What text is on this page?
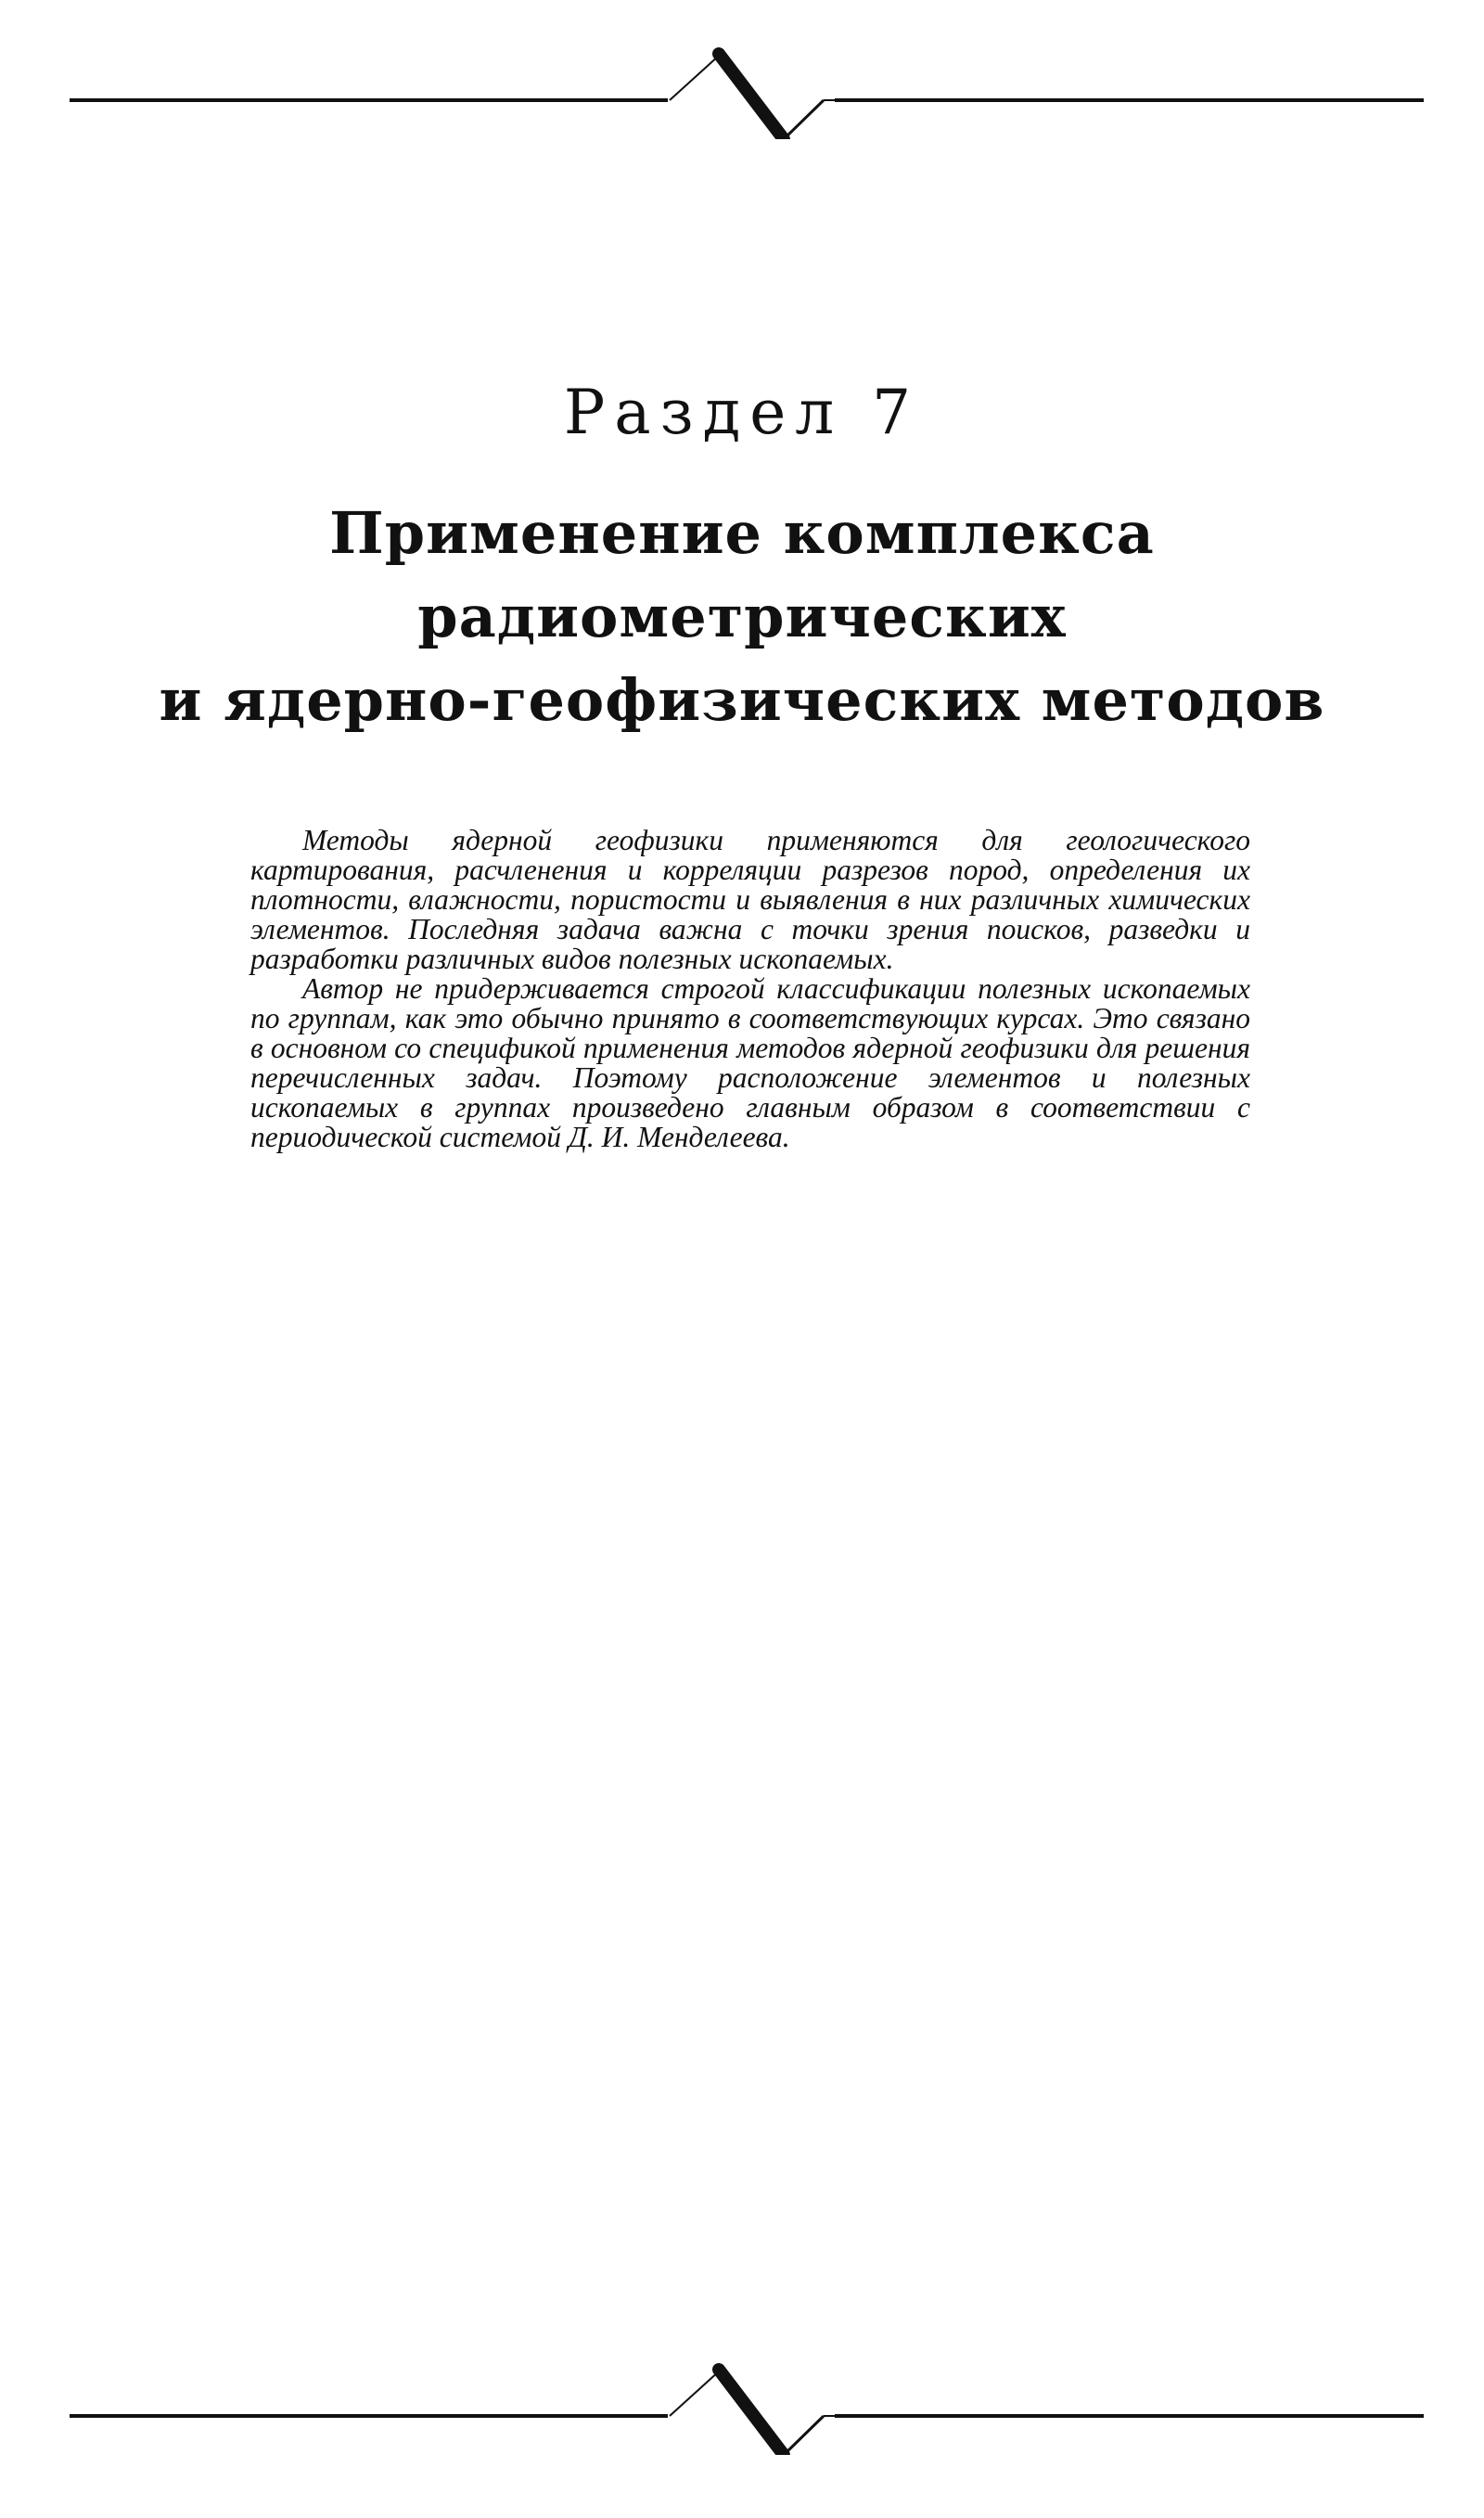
Раздел 7
Применение комплекса
радиометрических
и ядерно-геофизических методов

Методы ядерной геофизики применяются для геологического картирования, расчленения и корреляции разрезов пород, определения их плотности, влажности, пористости и выявления в них различных химических элементов. Последняя задача важна с точки зрения поисков, разведки и разработки различных видов полезных ископаемых.

Автор не придерживается строгой классификации полезных ископаемых по группам, как это обычно принято в соответствующих курсах. Это связано в основном со спецификой применения методов ядерной геофизики для решения перечисленных задач. Поэтому расположение элементов и полезных ископаемых в группах произведено главным образом в соответствии с периодической системой Д. И. Менделеева.
